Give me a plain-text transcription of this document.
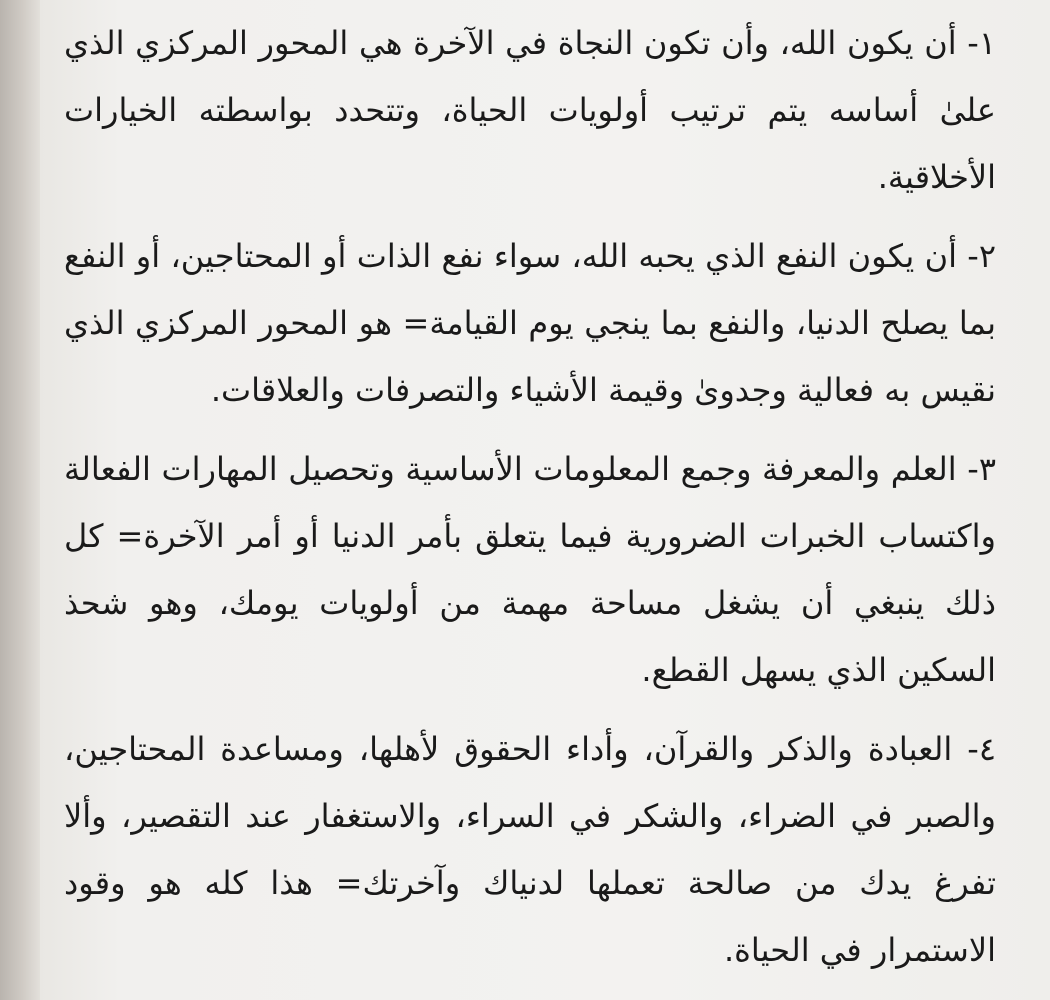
١- أن يكون الله، وأن تكون النجاة في الآخرة هي المحور المركزي الذي علىٰ أساسه يتم ترتيب أولويات الحياة، وتتحدد بواسطته الخيارات الأخلاقية.

٢- أن يكون النفع الذي يحبه الله، سواء نفع الذات أو المحتاجين، أو النفع بما يصلح الدنيا، والنفع بما ينجي يوم القيامة= هو المحور المركزي الذي نقيس به فعالية وجدوىٰ وقيمة الأشياء والتصرفات والعلاقات.

٣- العلم والمعرفة وجمع المعلومات الأساسية وتحصيل المهارات الفعالة واكتساب الخبرات الضرورية فيما يتعلق بأمر الدنيا أو أمر الآخرة= كل ذلك ينبغي أن يشغل مساحة مهمة من أولويات يومك، وهو شحذ السكين الذي يسهل القطع.

٤- العبادة والذكر والقرآن، وأداء الحقوق لأهلها، ومساعدة المحتاجين، والصبر في الضراء، والشكر في السراء، والاستغفار عند التقصير، وألا تفرغ يدك من صالحة تعملها لدنياك وآخرتك= هذا كله هو وقود الاستمرار في الحياة.
